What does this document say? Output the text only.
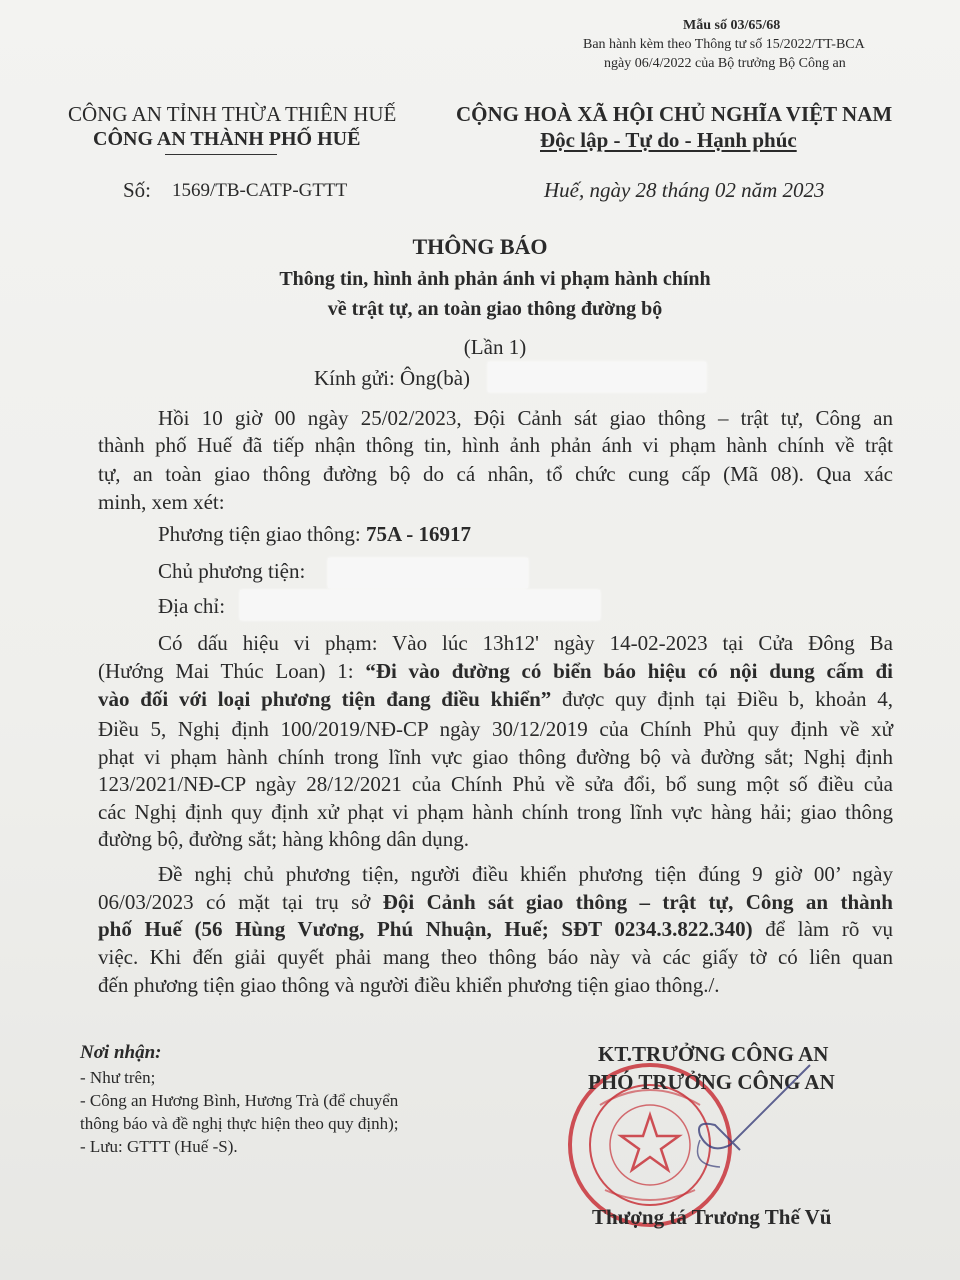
Mẫu số 03/65/68
Ban hành kèm theo Thông tư số 15/2022/TT-BCA
ngày 06/4/2022 của Bộ trưởng Bộ Công an
CÔNG AN TỈNH THỪA THIÊN HUẾ
CÔNG AN THÀNH PHỐ HUẾ
CỘNG HOÀ XÃ HỘI CHỦ NGHĨA VIỆT NAM
Độc lập - Tự do - Hạnh phúc
Số: 1569/TB-CATP-GTTT	Huế, ngày 28 tháng 02 năm 2023
THÔNG BÁO
Thông tin, hình ảnh phản ánh vi phạm hành chính
về trật tự, an toàn giao thông đường bộ
(Lần 1)
Kính gửi: Ông(bà)
Hồi 10 giờ 00 ngày 25/02/2023, Đội Cảnh sát giao thông – trật tự, Công an
thành phố Huế đã tiếp nhận thông tin, hình ảnh phản ánh vi phạm hành chính về trật
tự, an toàn giao thông đường bộ do cá nhân, tổ chức cung cấp (Mã 08). Qua xác
minh, xem xét:
Phương tiện giao thông: 75A - 16917
Chủ phương tiện:
Địa chỉ:
Có dấu hiệu vi phạm: Vào lúc 13h12' ngày 14-02-2023 tại Cửa Đông Ba
(Hướng Mai Thúc Loan) 1: “Đi vào đường có biển báo hiệu có nội dung cấm đi
vào đối với loại phương tiện đang điều khiển” được quy định tại Điều b, khoản 4,
Điều 5, Nghị định 100/2019/NĐ-CP ngày 30/12/2019 của Chính Phủ quy định về xử
phạt vi phạm hành chính trong lĩnh vực giao thông đường bộ và đường sắt; Nghị định
123/2021/NĐ-CP ngày 28/12/2021 của Chính Phủ về sửa đổi, bổ sung một số điều của
các Nghị định quy định xử phạt vi phạm hành chính trong lĩnh vực hàng hải; giao thông
đường bộ, đường sắt; hàng không dân dụng.
Đề nghị chủ phương tiện, người điều khiển phương tiện đúng 9 giờ 00’ ngày
06/03/2023 có mặt tại trụ sở Đội Cảnh sát giao thông – trật tự, Công an thành
phố Huế (56 Hùng Vương, Phú Nhuận, Huế; SĐT 0234.3.822.340) để làm rõ vụ
việc. Khi đến giải quyết phải mang theo thông báo này và các giấy tờ có liên quan
đến phương tiện giao thông và người điều khiển phương tiện giao thông./.
Nơi nhận:
- Như trên;
- Công an Hương Bình, Hương Trà (để chuyển
thông báo và đề nghị thực hiện theo quy định);
- Lưu: GTTT (Huế -S).
KT.TRƯỞNG CÔNG AN
PHÓ TRƯỞNG CÔNG AN
Thượng tá Trương Thế Vũ
